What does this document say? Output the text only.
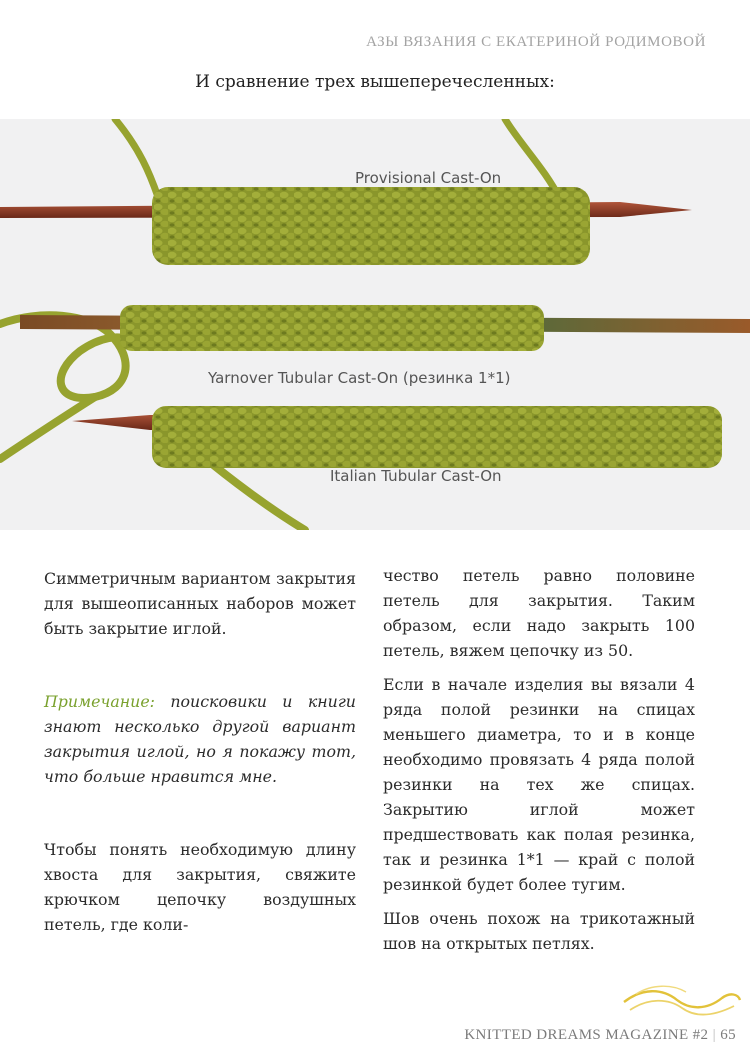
АЗЫ ВЯЗАНИЯ С ЕКАТЕРИНОЙ РОДИМОВОЙ
И сравнение трех вышеперечесленных:
Provisional Cast-On
Yarnover Tubular Cast-On (резинка 1*1)
Italian Tubular Cast-On

Симметричным вариантом закрытия для вышеописанных наборов может быть закрытие иглой.

Примечание: поисковики и книги знают несколько другой вариант закрытия иглой, но я покажу тот, что больше нравится мне.

Чтобы понять необходимую длину хвоста для закрытия, свяжите крючком цепочку воздушных петель, где коли-

чество петель равно половине петель для закрытия. Таким образом, если надо закрыть 100 петель, вяжем цепочку из 50.

Если в начале изделия вы вязали 4 ряда полой резинки на спицах меньшего диаметра, то и в конце необходимо провязать 4 ряда полой резинки на тех же спицах. Закрытию иглой может предшествовать как полая резинка, так и резинка 1*1 — край с полой резинкой будет более тугим.

Шов очень похож на трикотажный шов на открытых петлях.

KNITTED DREAMS MAGAZINE #2 | 65
